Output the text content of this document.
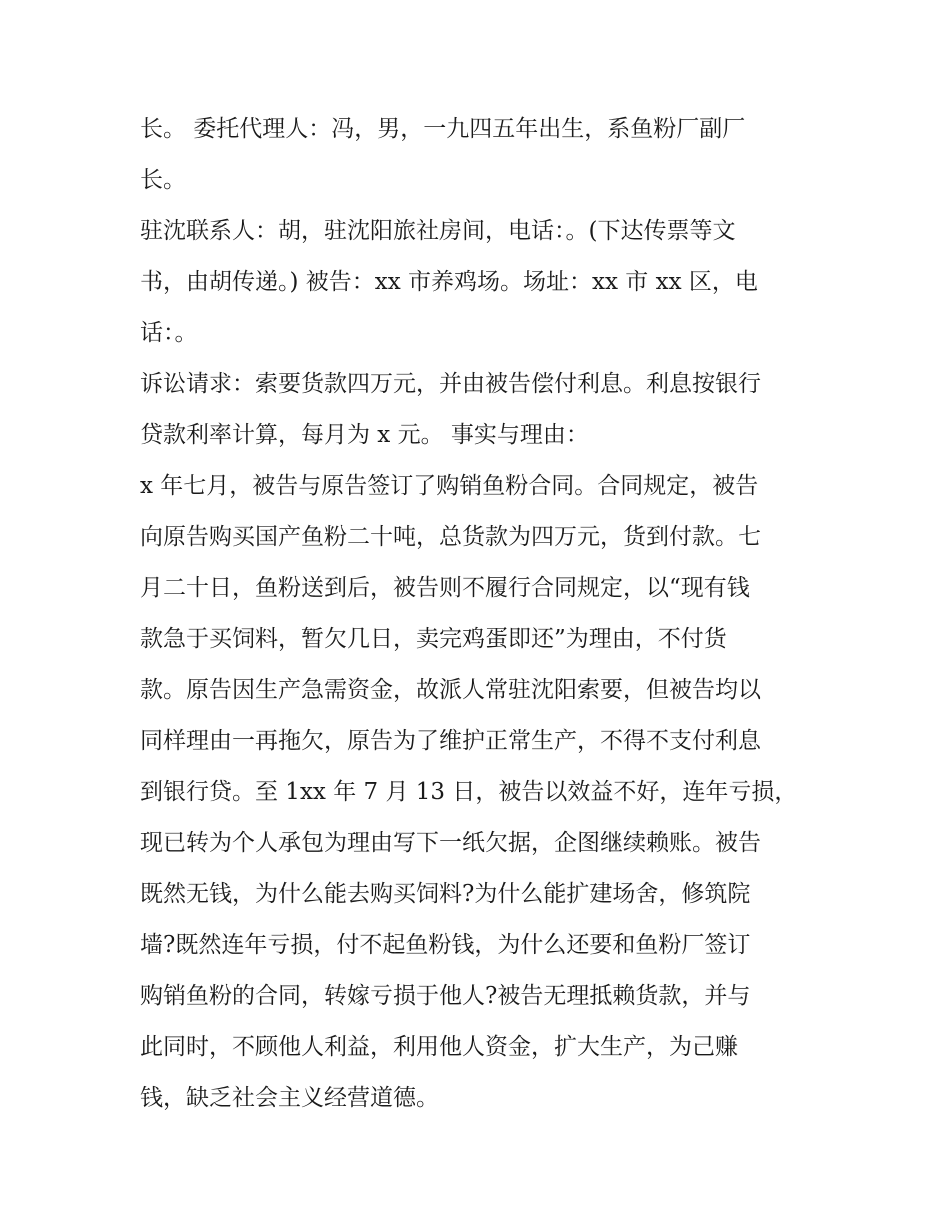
长。 委托代理人：冯，男，一九四五年出生，系鱼粉厂副厂
长。
驻沈联系人：胡，驻沈阳旅社房间，电话：。(下达传票等文
书，由胡传递。) 被告：xx 市养鸡场。场址：xx 市 xx 区，电
话：。
诉讼请求：索要货款四万元，并由被告偿付利息。利息按银行
贷款利率计算，每月为 x 元。 事实与理由：
x 年七月，被告与原告签订了购销鱼粉合同。合同规定，被告
向原告购买国产鱼粉二十吨，总货款为四万元，货到付款。七
月二十日，鱼粉送到后，被告则不履行合同规定，以“现有钱
款急于买饲料，暂欠几日，卖完鸡蛋即还”为理由，不付货
款。原告因生产急需资金，故派人常驻沈阳索要，但被告均以
同样理由一再拖欠，原告为了维护正常生产，不得不支付利息
到银行贷。至 1xx 年 7 月 13 日，被告以效益不好，连年亏损，
现已转为个人承包为理由写下一纸欠据，企图继续赖账。被告
既然无钱，为什么能去购买饲料?为什么能扩建场舍，修筑院
墙?既然连年亏损，付不起鱼粉钱，为什么还要和鱼粉厂签订
购销鱼粉的合同，转嫁亏损于他人?被告无理抵赖货款，并与
此同时，不顾他人利益，利用他人资金，扩大生产，为己赚
钱，缺乏社会主义经营道德。
